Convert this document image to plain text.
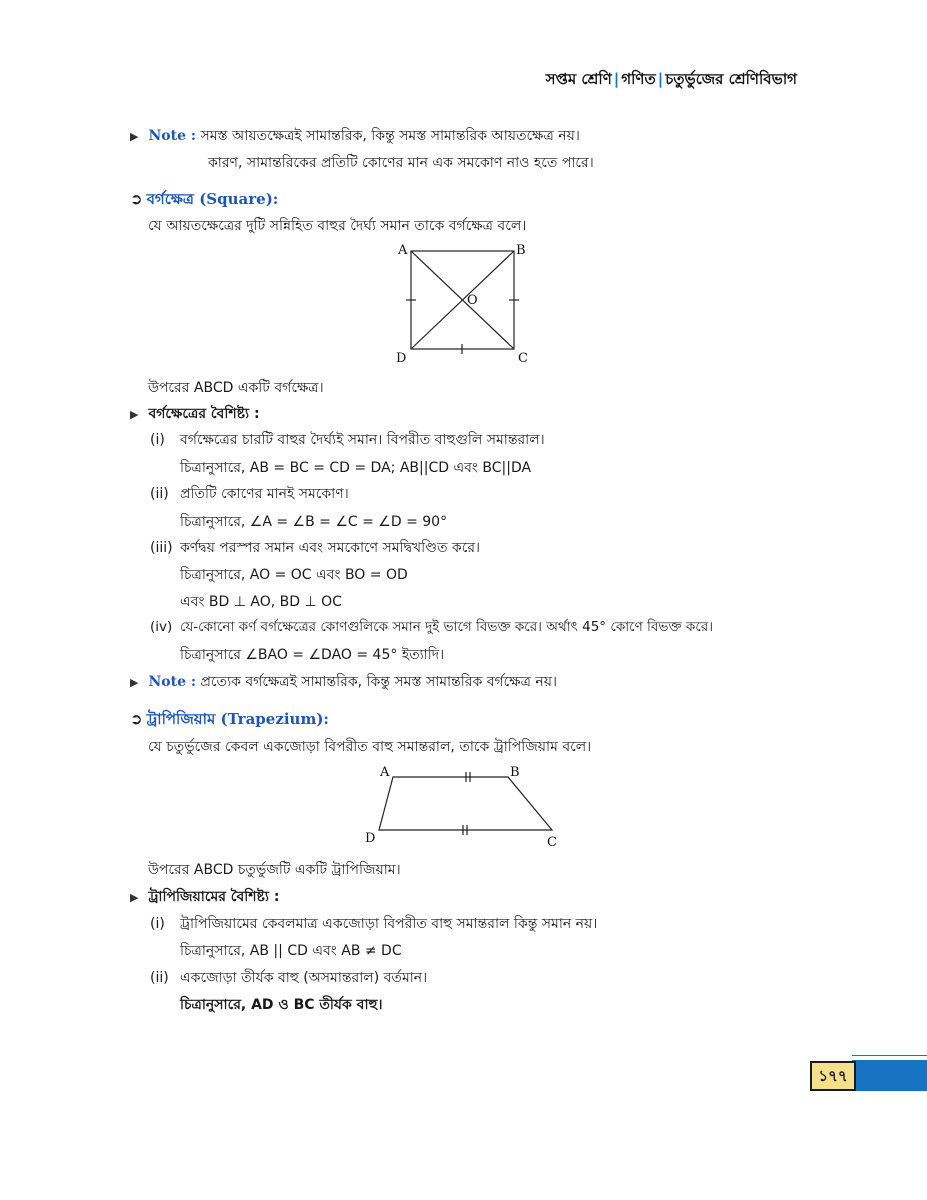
সপ্তম শ্রেণি | গণিত | চতুর্ভুজের শ্রেণিবিভাগ
▶ Note : সমস্ত আয়তক্ষেত্রই সামান্তরিক, কিন্তু সমস্ত সামান্তরিক আয়তক্ষেত্র নয়।
কারণ, সামান্তরিকের প্রতিটি কোণের মান এক সমকোণ নাও হতে পারে।
➲ বর্গক্ষেত্র (Square):
যে আয়তক্ষেত্রের দুটি সন্নিহিত বাহুর দৈর্ঘ্য সমান তাকে বর্গক্ষেত্র বলে।
A	B
C
D
O
উপরের ABCD একটি বর্গক্ষেত্র।
▶ বর্গক্ষেত্রের বৈশিষ্ট্য :
(i) বর্গক্ষেত্রের চারটি বাহুর দৈর্ঘ্যই সমান। বিপরীত বাহুগুলি সমান্তরাল।
চিত্রানুসারে, AB = BC = CD = DA; AB||CD এবং BC||DA
(ii) প্রতিটি কোণের মানই সমকোণ।
চিত্রানুসারে, ∠A = ∠B = ∠C = ∠D = 90°
(iii) কর্ণদ্বয় পরস্পর সমান এবং সমকোণে সমদ্বিখণ্ডিত করে।
চিত্রানুসারে, AO = OC এবং BO = OD
এবং BD ⊥ AO, BD ⊥ OC
(iv) যে-কোনো কর্ণ বর্গক্ষেত্রের কোণগুলিকে সমান দুই ভাগে বিভক্ত করে। অর্থাৎ 45° কোণে বিভক্ত করে।
চিত্রানুসারে ∠BAO = ∠DAO = 45° ইত্যাদি।
▶ Note : প্রত্যেক বর্গক্ষেত্রই সামান্তরিক, কিন্তু সমস্ত সামান্তরিক বর্গক্ষেত্র নয়।
➲ ট্রাপিজিয়াম (Trapezium):
যে চতুর্ভুজের কেবল একজোড়া বিপরীত বাহু সমান্তরাল, তাকে ট্রাপিজিয়াম বলে।
A	B
C
D
উপরের ABCD চতুর্ভুজটি একটি ট্রাপিজিয়াম।
▶ ট্রাপিজিয়ামের বৈশিষ্ট্য :
(i) ট্রাপিজিয়ামের কেবলমাত্র একজোড়া বিপরীত বাহু সমান্তরাল কিন্তু সমান নয়।
চিত্রানুসারে, AB || CD এবং AB ≠ DC
(ii) একজোড়া তীর্যক বাহু (অসমান্তরাল) বর্তমান।
চিত্রানুসারে, AD ও BC তীর্যক বাহু।
১৭৭
